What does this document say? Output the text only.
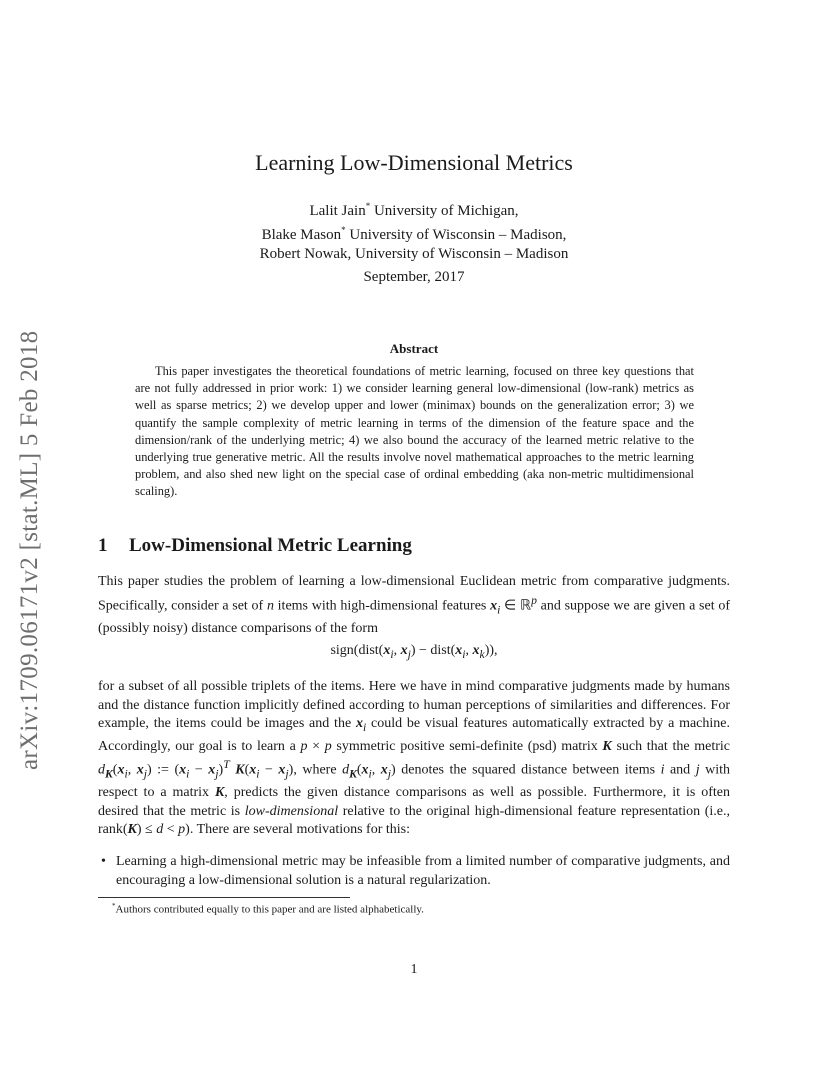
arXiv:1709.06171v2 [stat.ML] 5 Feb 2018
Learning Low-Dimensional Metrics
Lalit Jain* University of Michigan,
Blake Mason* University of Wisconsin – Madison,
Robert Nowak, University of Wisconsin – Madison
September, 2017
Abstract
This paper investigates the theoretical foundations of metric learning, focused on three key questions that are not fully addressed in prior work: 1) we consider learning general low-dimensional (low-rank) metrics as well as sparse metrics; 2) we develop upper and lower (minimax) bounds on the generalization error; 3) we quantify the sample complexity of metric learning in terms of the dimension of the feature space and the dimension/rank of the underlying metric; 4) we also bound the accuracy of the learned metric relative to the underlying true generative metric. All the results involve novel mathematical approaches to the metric learning problem, and also shed new light on the special case of ordinal embedding (aka non-metric multidimensional scaling).
1 Low-Dimensional Metric Learning
This paper studies the problem of learning a low-dimensional Euclidean metric from comparative judgments. Specifically, consider a set of n items with high-dimensional features $x_i$ ∈ ℝ$^p$ and suppose we are given a set of (possibly noisy) distance comparisons of the form
$sign(dist(x_i$, $x_j$) − $dist(x_i$, $x_k$)),
for a subset of all possible triplets of the items. Here we have in mind comparative judgments made by humans and the distance function implicitly defined according to human perceptions of similarities and differences. For example, the items could be images and the $x_i$ could be visual features automatically extracted by a machine. Accordingly, our goal is to learn a p × p symmetric positive semi-definite (psd) matrix K such that the metric $d_K(x_i$, $x_j$) := $(x_i - x_j)^T$ $K(x_i - x_j)$, where $d_K(x_i$, $x_j$) denotes the squared distance between items i and j with respect to a matrix K, predicts the given distance comparisons as well as possible. Furthermore, it is often desired that the metric is low-dimensional relative to the original high-dimensional feature representation (i.e., rank(K) ≤ d < p). There are several motivations for this:
• Learning a high-dimensional metric may be infeasible from a limited number of comparative judgments, and encouraging a low-dimensional solution is a natural regularization.
*Authors contributed equally to this paper and are listed alphabetically.
1
